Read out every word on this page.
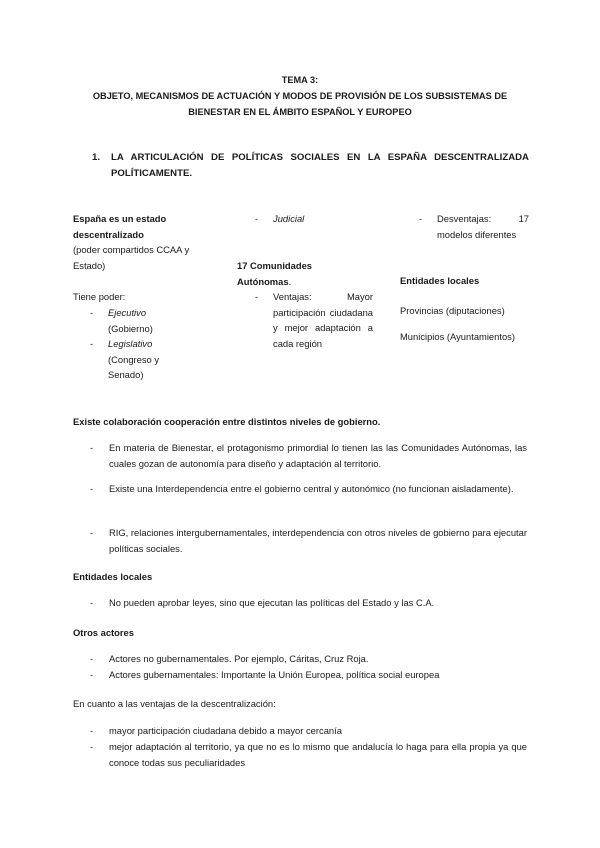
TEMA 3:
OBJETO, MECANISMOS DE ACTUACIÓN Y MODOS DE PROVISIÓN DE LOS SUBSISTEMAS DE
BIENESTAR EN EL ÁMBITO ESPAÑOL Y EUROPEO
1. LA ARTICULACIÓN DE POLÍTICAS SOCIALES EN LA ESPAÑA DESCENTRALIZADA POLÍTICAMENTE.
España es un estado descentralizado
(poder compartidos CCAA y Estado)
Tiene poder:
- Ejecutivo
(Gobierno)
- Legislativo
(Congreso y Senado)
- Judicial
17 Comunidades Autónomas.
- Ventajas: Mayor participación ciudadana y mejor adaptación a cada región
- Desventajas: 17 modelos diferentes
Entidades locales
Provincias (diputaciones)
Municipios (Ayuntamientos)
Existe colaboración cooperación entre distintos niveles de gobierno.
- En materia de Bienestar, el protagonismo primordial lo tienen las las Comunidades Autónomas, las cuales gozan de autonomía para diseño y adaptación al territorio.
- Existe una Interdependencia entre el gobierno central y autonómico (no funcionan aisladamente).
- RIG, relaciones intergubernamentales, interdependencia con otros niveles de gobierno para ejecutar políticas sociales.
Entidades locales
- No pueden aprobar leyes, sino que ejecutan las políticas del Estado y las C.A.
Otros actores
- Actores no gubernamentales. Por ejemplo, Cáritas, Cruz Roja.
- Actores gubernamentales: Importante la Unión Europea, política social europea
En cuanto a las ventajas de la descentralización:
- mayor participación ciudadana debido a mayor cercanía
- mejor adaptación al territorio, ya que no es lo mismo que andalucía lo haga para ella propia ya que conoce todas sus peculiaridades
